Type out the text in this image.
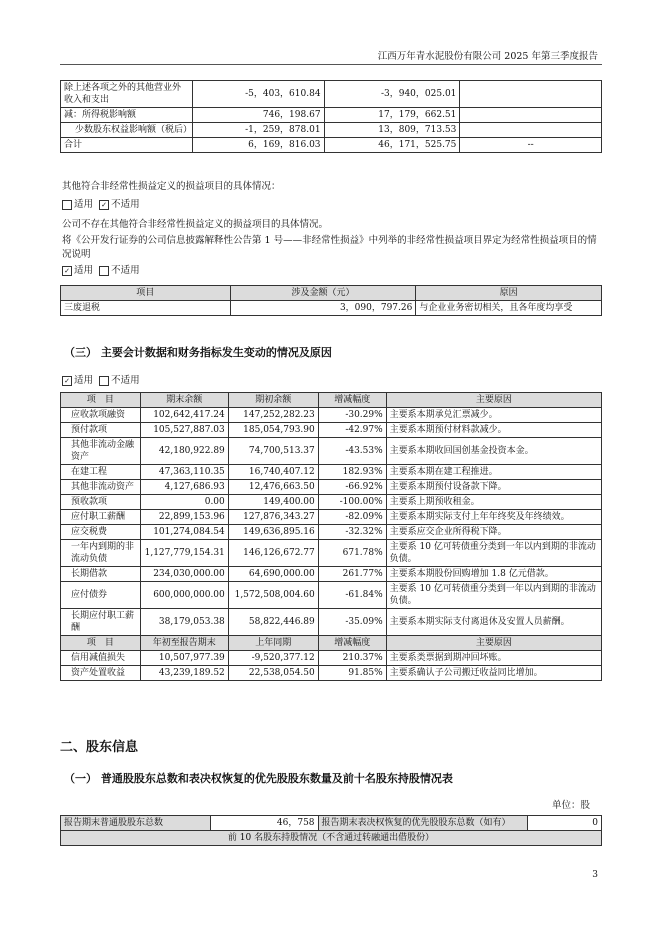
江西万年青水泥股份有限公司 2025 年第三季度报告
除上述各项之外的其他营业外收入和支出	-5，403，610.84	-3，940，025.01	
减：所得税影响额	746，198.67	17，179，662.51	
少数股东权益影响额（税后）	-1，259，878.01	13，809，713.53	
合计	6，169，816.03	46，171，525.75	--
其他符合非经常性损益定义的损益项目的具体情况：
适用 ✓ 不适用
公司不存在其他符合非经常性损益定义的损益项目的具体情况。
将《公开发行证券的公司信息披露解释性公告第 1 号——非经常性损益》中列举的非经常性损益项目界定为经常性损益项目的情况说明
✓ 适用 不适用
项目	涉及金额（元）	原因
三废退税	3，090，797.26	与企业业务密切相关，且各年度均享受
（三） 主要会计数据和财务指标发生变动的情况及原因
✓ 适用 不适用
项　目	期末余额	期初余额	增减幅度	主要原因
应收款项融资	102,642,417.24	147,252,282.23	-30.29%	主要系本期承兑汇票减少。
预付款项	105,527,887.03	185,054,793.90	-42.97%	主要系本期预付材料款减少。
其他非流动金融资产	42,180,922.89	74,700,513.37	-43.53%	主要系本期收回国创基金投资本金。
在建工程	47,363,110.35	16,740,407.12	182.93%	主要系本期在建工程推进。
其他非流动资产	4,127,686.93	12,476,663.50	-66.92%	主要系本期预付设备款下降。
预收款项	0.00	149,400.00	-100.00%	主要系上期预收租金。
应付职工薪酬	22,899,153.96	127,876,343.27	-82.09%	主要系本期实际支付上年年终奖及年终绩效。
应交税费	101,274,084.54	149,636,895.16	-32.32%	主要系应交企业所得税下降。
一年内到期的非流动负债	1,127,779,154.31	146,126,672.77	671.78%	主要系 10 亿可转债重分类到一年以内到期的非流动负债。
长期借款	234,030,000.00	64,690,000.00	261.77%	主要系本期股份回购增加 1.8 亿元借款。
应付债券	600,000,000.00	1,572,508,004.60	-61.84%	主要系 10 亿可转债重分类到一年以内到期的非流动负债。
长期应付职工薪酬	38,179,053.38	58,822,446.89	-35.09%	主要系本期实际支付离退休及安置人员薪酬。
项　目	年初至报告期末	上年同期	增减幅度	主要原因
信用减值损失	10,507,977.39	-9,520,377.12	210.37%	主要系类票据到期冲回坏账。
资产处置收益	43,239,189.52	22,538,054.50	91.85%	主要系确认子公司搬迁收益同比增加。
二、股东信息
（一） 普通股股东总数和表决权恢复的优先股股东数量及前十名股东持股情况表
单位：股
报告期末普通股股东总数	46，758	报告期末表决权恢复的优先股股东总数（如有）	0
前 10 名股东持股情况（不含通过转融通出借股份）
3
